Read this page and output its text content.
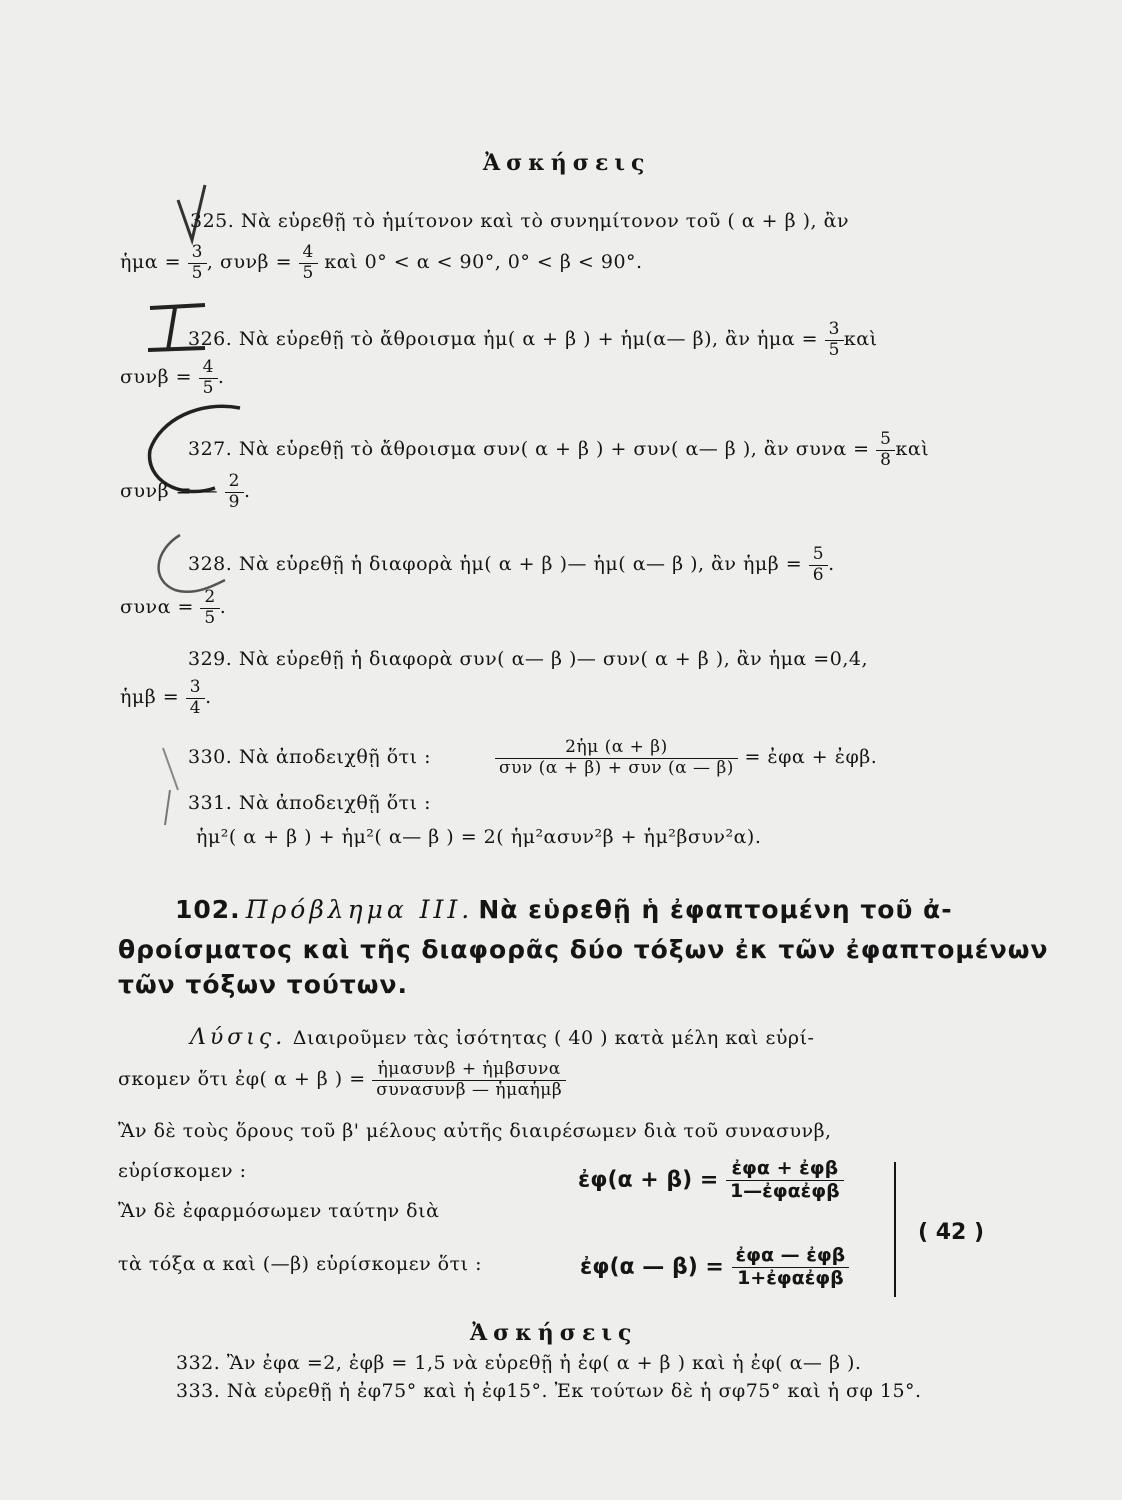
Ἀσκήσεις
325. Νὰ εὑρεθῇ τὸ ἡμίτονον καὶ τὸ συνημίτονον τοῦ ( α + β ), ἂν
ἡμα = $\frac{3}{5}$ , $\sigma\upsilon\nu\beta = \frac{4}{5}$ καὶ 0° < α < 90°, 0° < β < 90°.
326. Νὰ εὑρεθῇ τὸ ἄθροισμα ἡμ( α + β ) + ἡμ(α— β), ἂν ἡμα = $\frac{3}{5}$ καὶ
$\sigma\upsilon\nu\beta = \frac{4}{5}$ .
327. Νὰ εὑρεθῇ τὸ ἄθροισμα συν( α + β ) + συν( α— β ), ἂν $\sigma\upsilon\nu\alpha = \frac{5}{8}$ καὶ
συνβ = — $\frac{2}{9}$ .
328. Νὰ εὑρεθῇ ἡ διαφορὰ ἡμ( α + β )— ἡμ( α— β ), ἂν ἡμβ = $\frac{5}{6}$ .
$\sigma\upsilon\nu\alpha = \frac{2}{5}$ .
329. Νὰ εὑρεθῇ ἡ διαφορὰ συν( α— β )— συν( α + β ), ἂν ἡμα =0,4,
ἡμβ = $\frac{3}{4}$ .
330. Νὰ ἀποδειχθῇ ὅτι :	$\frac{\text{2ἡμ (α + β)}}{\text{συν (α + β) + συν (α — β)}}$ = ἐφα + ἐφβ.
331. Νὰ ἀποδειχθῇ ὅτι :
ἡμ²( α + β ) + ἡμ²( α— β ) = 2( ἡμ²ασυν²β + ἡμ²βσυν²α).
102. Πρόβλημα III. Νὰ εὑρεθῇ ἡ ἐφαπτομένη τοῦ ἀ-
θροίσματος καὶ τῆς διαφορᾶς δύο τόξων ἐκ τῶν ἐφαπτομένων
τῶν τόξων τούτων.
Λύσις. Διαιροῦμεν τὰς ἰσότητας ( 40 ) κατὰ μέλη καὶ εὑρί-
σκομεν ὅτι ἐφ( α + β ) = $\frac{\text{ἡμασυνβ + ἡμβσυνα}}{\text{συνασυνβ — ἡμαἡμβ}}$
Ἂν δὲ τοὺς ὅρους τοῦ β' μέλους αὐτῆς διαιρέσωμεν διὰ τοῦ συνασυνβ,
εὑρίσκομεν :
Ἂν δὲ ἐφαρμόσωμεν ταύτην διὰ
τὰ τόξα α καὶ (—β) εὑρίσκομεν ὅτι :
ἐφ(α + $\beta) = \frac{\text{ἐφα + ἐφβ}}{\text{1—ἐφαἐφβ}}$
ἐφ(α — $\beta) = \frac{\text{ἐφα — ἐφβ}}{\text{1+ἐφαἐφβ}}$
( 42 )
Ἀσκήσεις
332. Ἂν ἐφα =2, ἐφβ = 1,5 νὰ εὑρεθῇ ἡ ἐφ( α + β ) καὶ ἡ ἐφ( α— β ).
333. Νὰ εὑρεθῇ ἡ ἐφ75° καὶ ἡ ἐφ15°. Ἐκ τούτων δὲ ἡ σφ75° καὶ ἡ σφ 15°.
